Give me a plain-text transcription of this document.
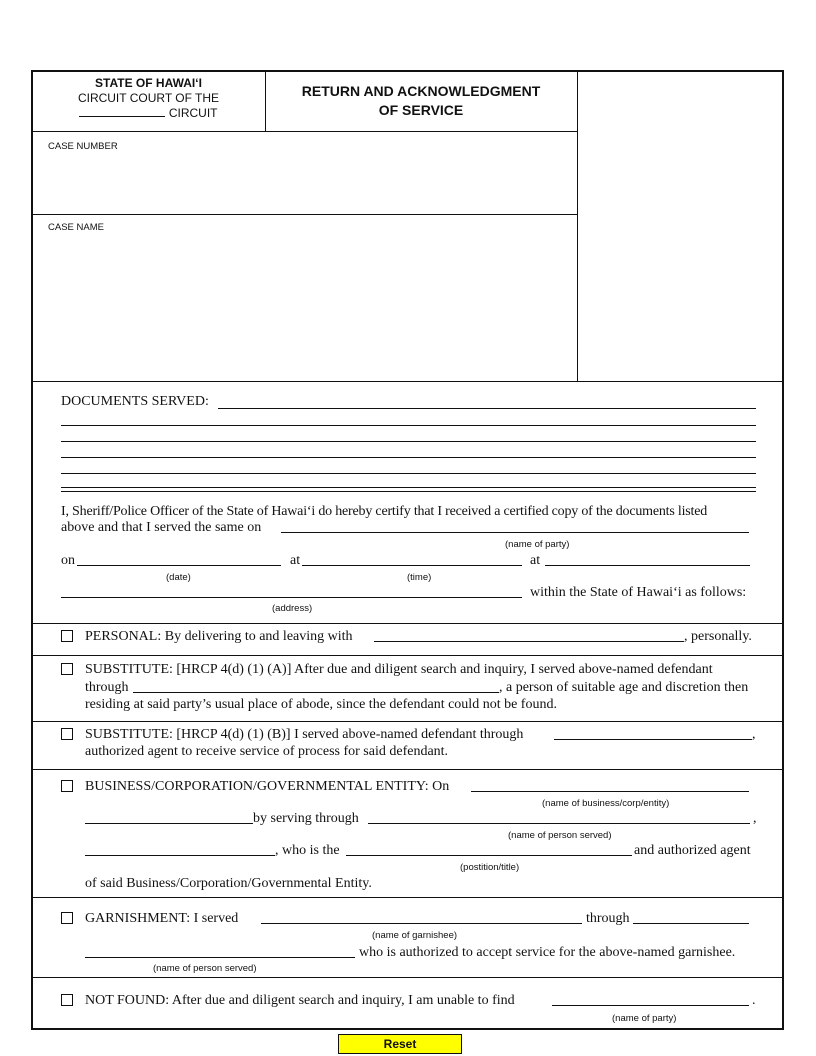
STATE OF HAWAI‘I
CIRCUIT COURT OF THE
CIRCUIT
RETURN AND ACKNOWLEDGMENT
OF SERVICE
CASE NUMBER
CASE NAME
DOCUMENTS SERVED:
I, Sheriff/Police Officer of the State of Hawai‘i do hereby certify that I received a certified copy of the documents listed
above and that I served the same on
(name of party)
on	at	at
(date)	(time)
within the State of Hawai‘i as follows:
(address)
PERSONAL: By delivering to and leaving with	, personally.
SUBSTITUTE: [HRCP 4(d) (1) (A)] After due and diligent search and inquiry, I served above-named defendant
through	, a person of suitable age and discretion then
residing at said party’s usual place of abode, since the defendant could not be found.
SUBSTITUTE: [HRCP 4(d) (1) (B)] I served above-named defendant through	,
authorized agent to receive service of process for said defendant.
BUSINESS/CORPORATION/GOVERNMENTAL ENTITY: On
(name of business/corp/entity)
by serving through	,
(name of person served)
, who is the	and authorized agent
(postition/title)
of said Business/Corporation/Governmental Entity.
GARNISHMENT: I served	through
(name of garnishee)
who is authorized to accept service for the above-named garnishee.
(name of person served)
NOT FOUND: After due and diligent search and inquiry, I am unable to find	.
(name of party)
Reset
